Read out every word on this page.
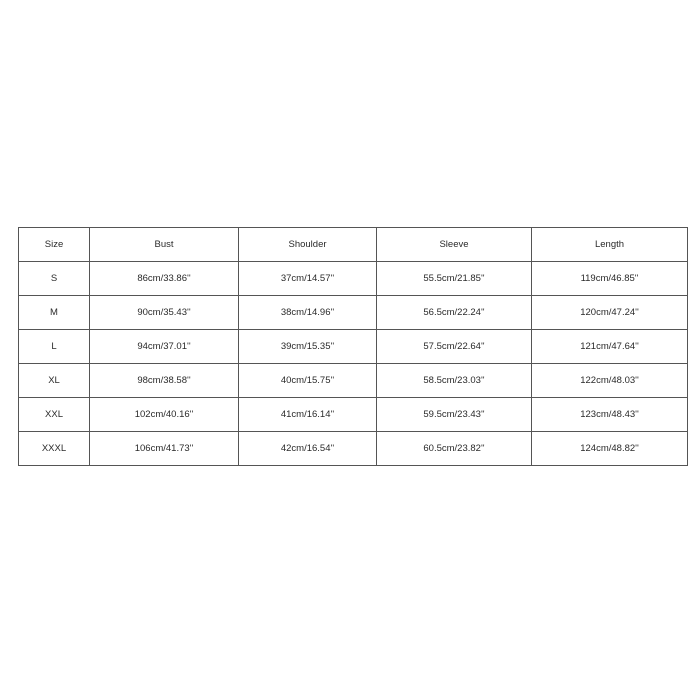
Size	Bust	Shoulder	Sleeve	Length
S	86cm/33.86''	37cm/14.57''	55.5cm/21.85''	119cm/46.85''
M	90cm/35.43''	38cm/14.96''	56.5cm/22.24''	120cm/47.24''
L	94cm/37.01''	39cm/15.35''	57.5cm/22.64''	121cm/47.64''
XL	98cm/38.58''	40cm/15.75''	58.5cm/23.03''	122cm/48.03''
XXL	102cm/40.16''	41cm/16.14''	59.5cm/23.43''	123cm/48.43''
XXXL	106cm/41.73''	42cm/16.54''	60.5cm/23.82''	124cm/48.82''
